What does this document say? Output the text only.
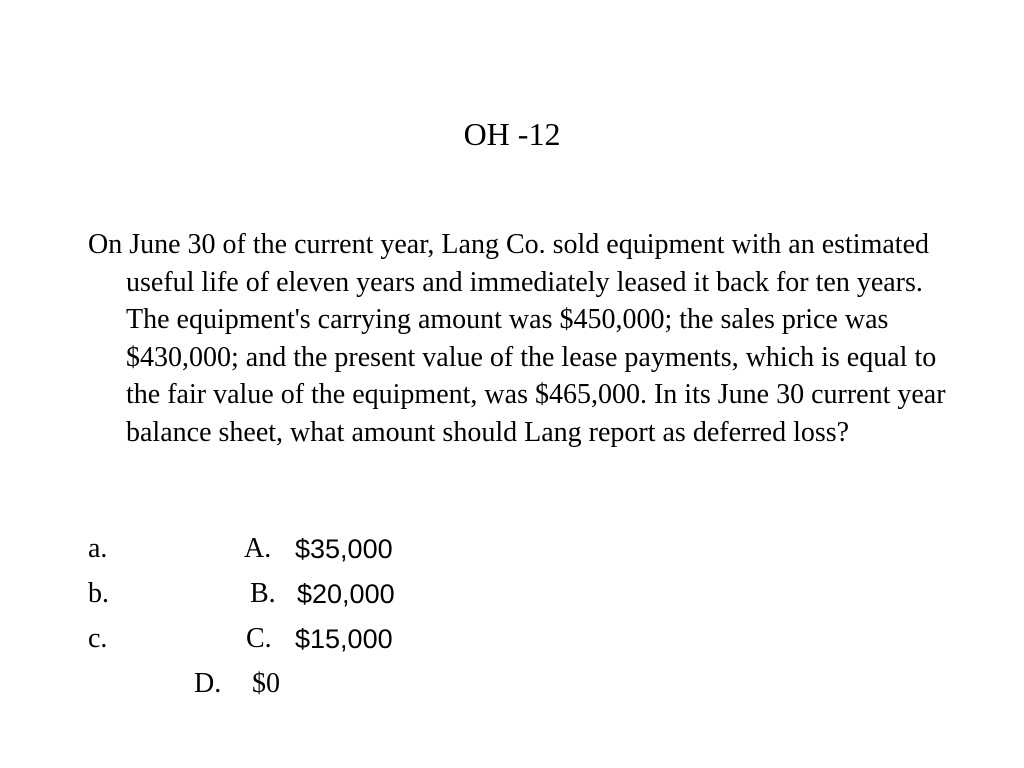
OH -12
On June 30 of the current year, Lang Co. sold equipment with an estimated useful life of eleven years and immediately leased it back for ten years. The equipment's carrying amount was $450,000; the sales price was $430,000; and the present value of the lease payments, which is equal to the fair value of the equipment, was $465,000. In its June 30 current year balance sheet, what amount should Lang report as deferred loss?
a.	A. $35,000
b.	B. $20,000
c.	C. $15,000
D. $0
